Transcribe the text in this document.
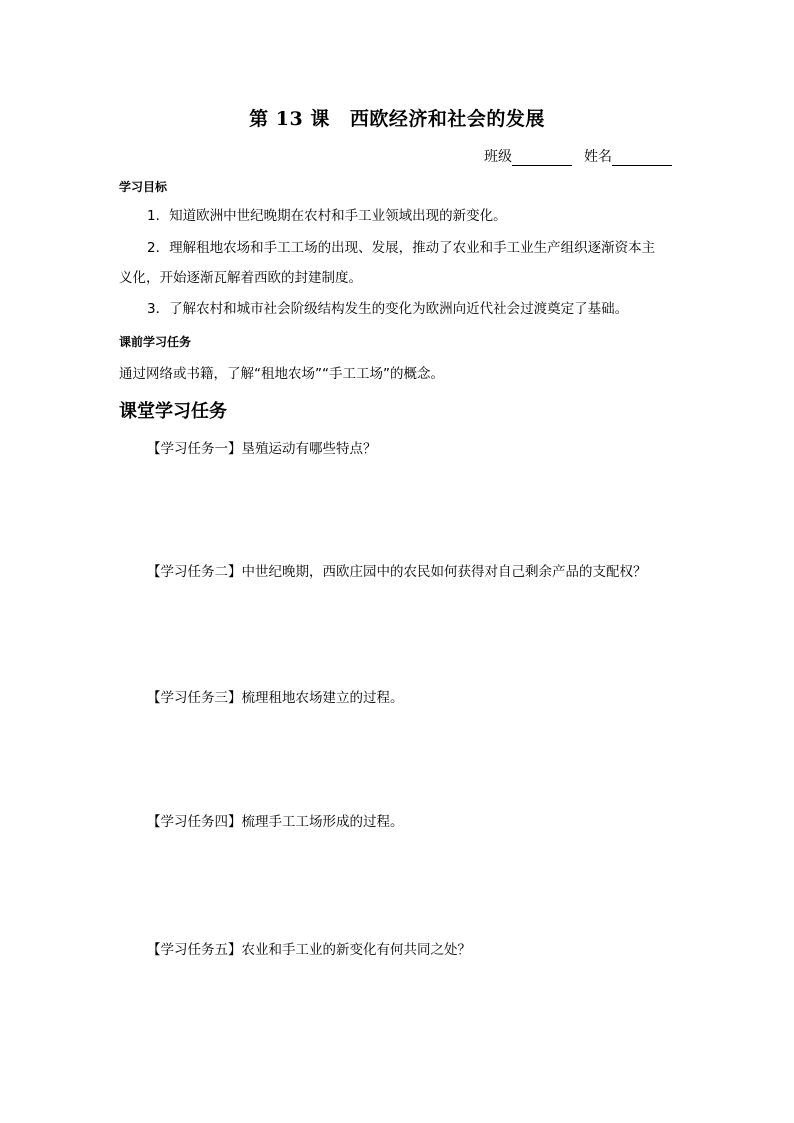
第 13 课 西欧经济和社会的发展
班级	姓名
学习目标
1．知道欧洲中世纪晚期在农村和手工业领域出现的新变化。
2．理解租地农场和手工工场的出现、发展，推动了农业和手工业生产组织逐渐资本主
义化，开始逐渐瓦解着西欧的封建制度。
3．了解农村和城市社会阶级结构发生的变化为欧洲向近代社会过渡奠定了基础。
课前学习任务
通过网络或书籍，了解“租地农场”“手工工场”的概念。
课堂学习任务
【学习任务一】垦殖运动有哪些特点？
【学习任务二】中世纪晚期，西欧庄园中的农民如何获得对自己剩余产品的支配权？
【学习任务三】梳理租地农场建立的过程。
【学习任务四】梳理手工工场形成的过程。
【学习任务五】农业和手工业的新变化有何共同之处？
